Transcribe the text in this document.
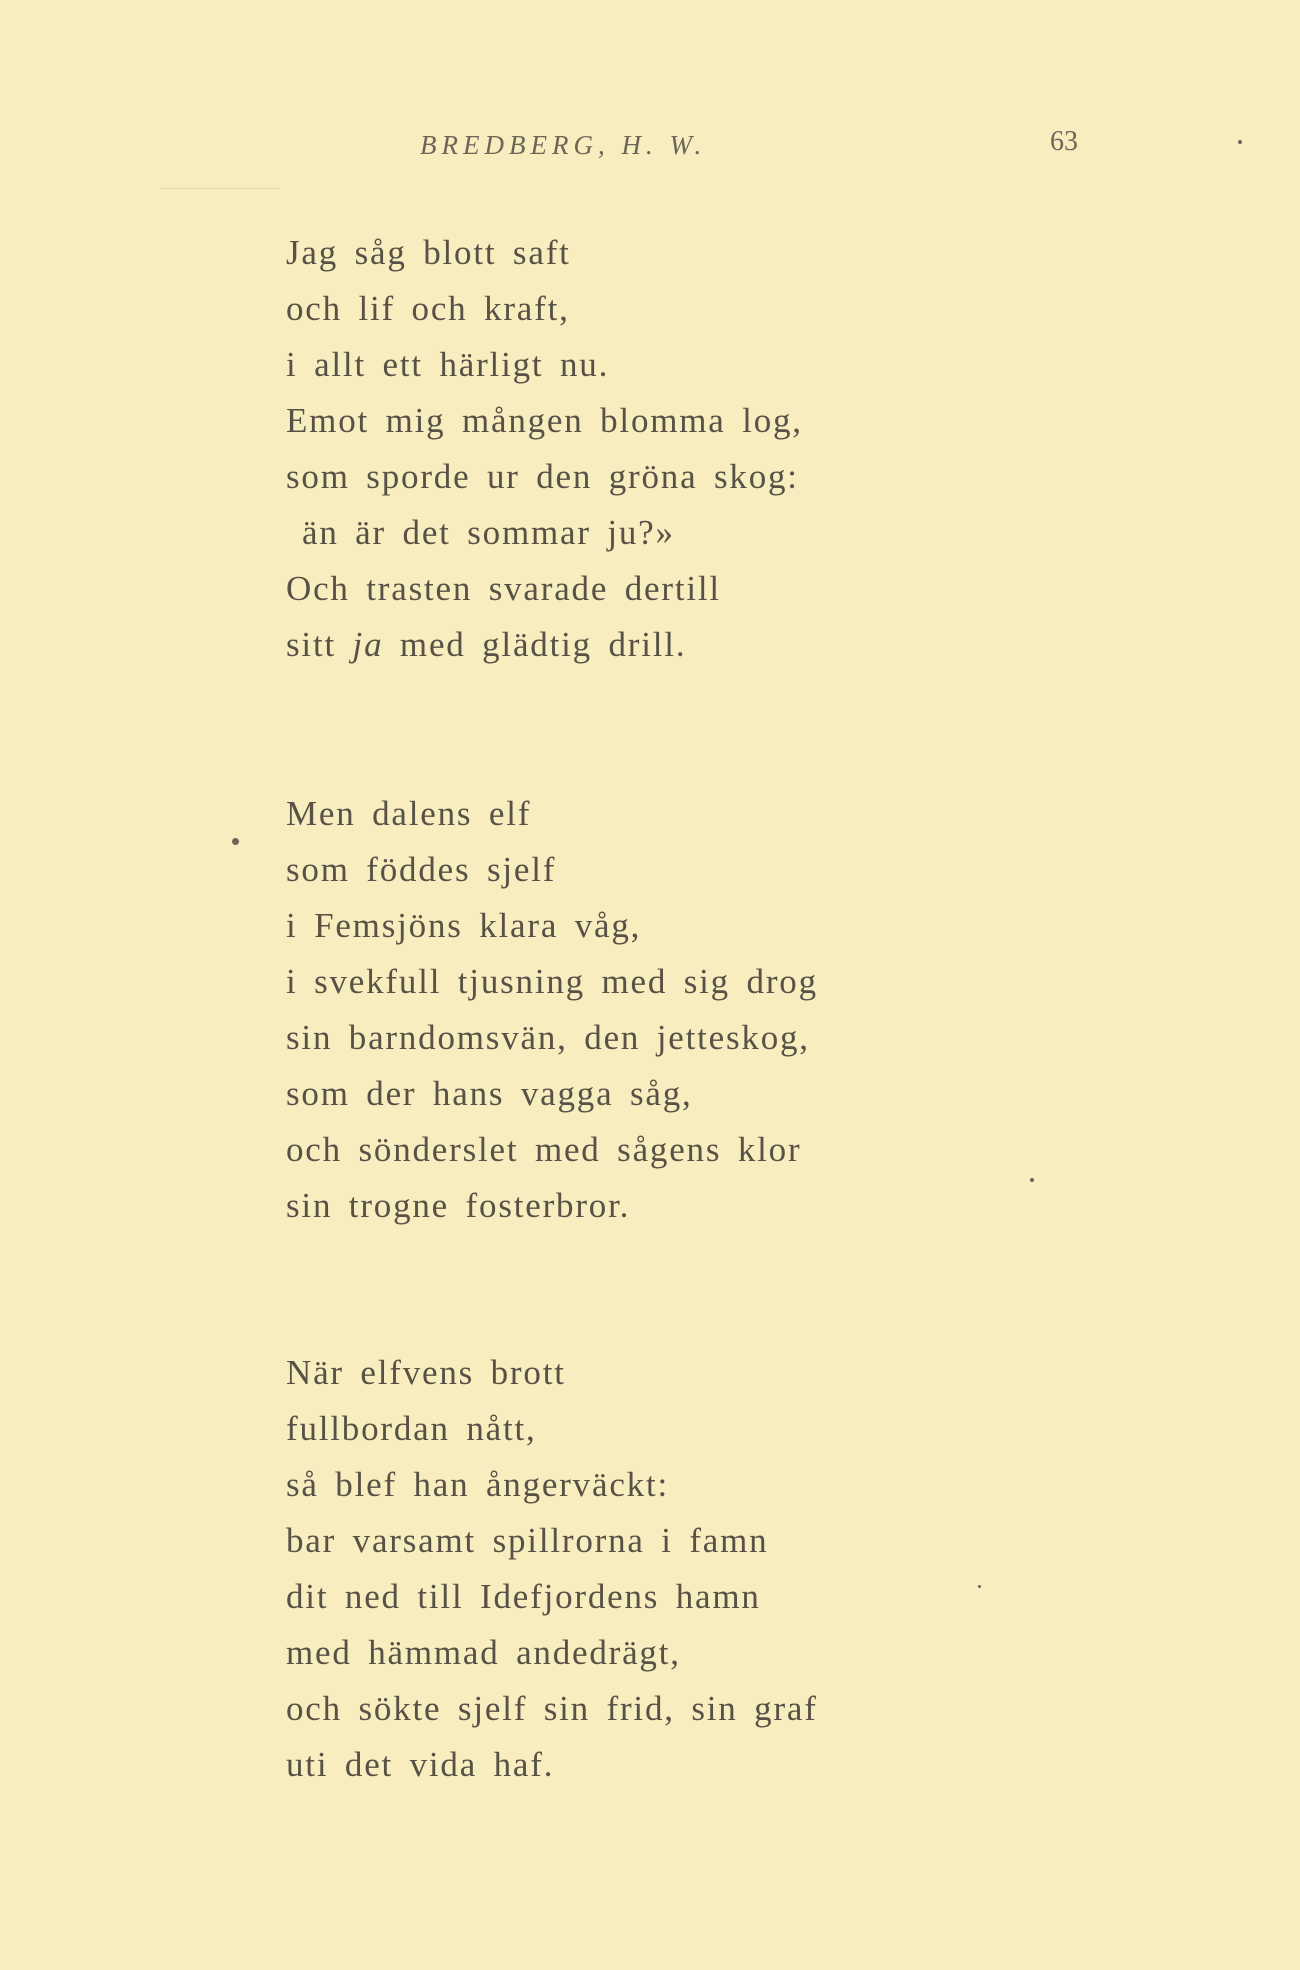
BREDBERG, H. W.	63
Jag såg blott saft
och lif och kraft,
i allt ett härligt nu.
Emot mig mången blomma log,
som sporde ur den gröna skog:
än är det sommar ju?»
Och trasten svarade dertill
sitt ja med glädtig drill.
Men dalens elf
som föddes sjelf
i Femsjöns klara våg,
i svekfull tjusning med sig drog
sin barndomsvän, den jetteskog,
som der hans vagga såg,
och sönderslet med sågens klor
sin trogne fosterbror.
När elfvens brott
fullbordan nått,
så blef han ångerväckt:
bar varsamt spillrorna i famn
dit ned till Idefjordens hamn
med hämmad andedrägt,
och sökte sjelf sin frid, sin graf
uti det vida haf.
